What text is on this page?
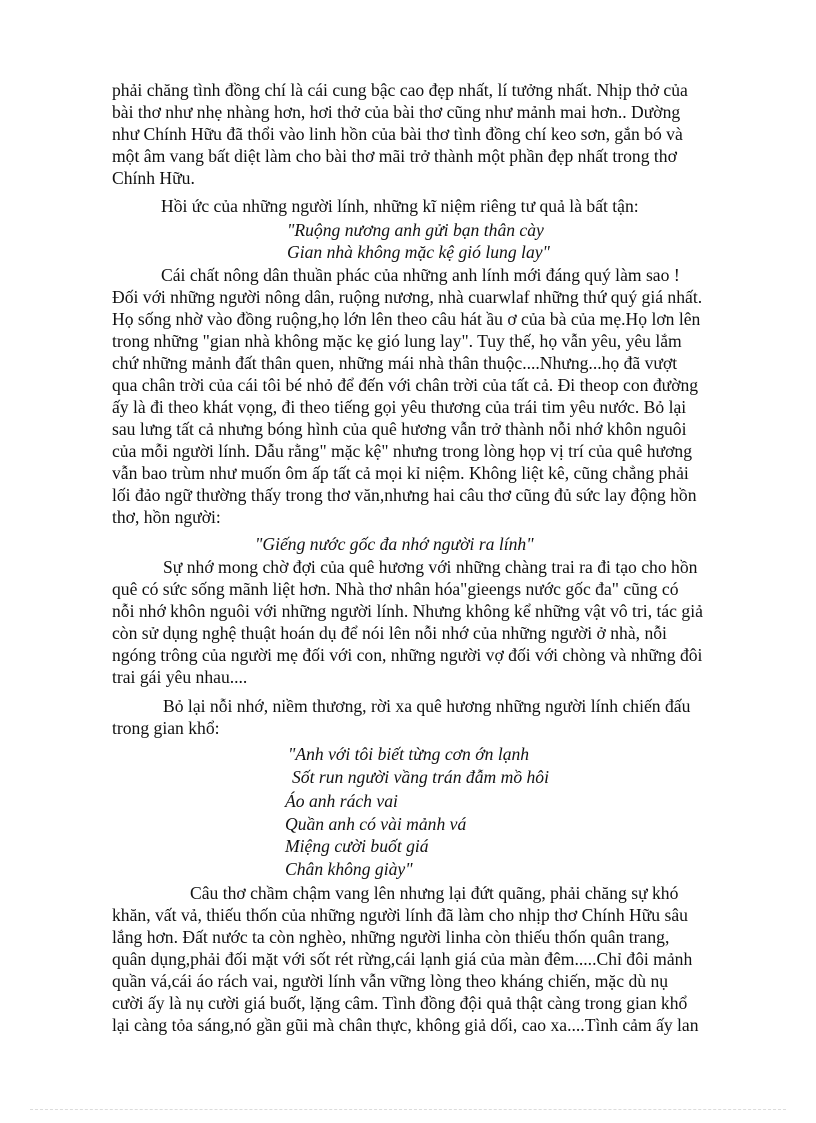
phải chăng tình đồng chí là cái cung bậc cao đẹp nhất, lí tưởng nhất. Nhịp thở của
bài thơ như nhẹ nhàng hơn, hơi thở của bài thơ cũng như mảnh mai hơn.. Dường
như Chính Hữu đã thổi vào linh hồn của bài thơ tình đồng chí keo sơn, gắn bó và
một âm vang bất diệt làm cho bài thơ mãi trở thành một phần đẹp nhất trong thơ
Chính Hữu.
Hồi ức của những người lính, những kĩ niệm riêng tư quả là bất tận:
"Ruộng nương anh gửi bạn thân cày
Gian nhà không mặc kệ gió lung lay"
Cái chất nông dân thuần phác của những anh lính mới đáng quý làm sao !
Đối với những người nông dân, ruộng nương, nhà cuarwlaf những thứ quý giá nhất.
Họ sống nhờ vào đồng ruộng,họ lớn lên theo câu hát ầu ơ của bà của mẹ.Họ lơn lên
trong những "gian nhà không mặc kẹ gió lung lay". Tuy thế, họ vẫn yêu, yêu lắm
chứ những mảnh đất thân quen, những mái nhà thân thuộc....Nhưng...họ đã vượt
qua chân trời của cái tôi bé nhỏ để đến với chân trời của tất cả. Đi theop con đường
ấy là đi theo khát vọng, đi theo tiếng gọi yêu thương của trái tim yêu nước. Bỏ lại
sau lưng tất cả nhưng bóng hình của quê hương vẫn trở thành nỗi nhớ khôn nguôi
của mỗi người lính. Dẫu rằng" mặc kệ" nhưng trong lòng họp vị trí của quê hương
vẫn bao trùm như muốn ôm ấp tất cả mọi kỉ niệm. Không liệt kê, cũng chẳng phải
lối đảo ngữ thường thấy trong thơ văn,nhưng hai câu thơ cũng đủ sức lay động hồn
thơ, hồn người:
"Giếng nước gốc đa nhớ người ra lính"
Sự nhớ mong chờ đợi của quê hương với những chàng trai ra đi tạo cho hồn
quê có sức sống mãnh liệt hơn. Nhà thơ nhân hóa"gieengs nước gốc đa" cũng có
nỗi nhớ khôn nguôi với những người lính. Nhưng không kể những vật vô tri, tác giả
còn sử dụng nghệ thuật hoán dụ để nói lên nỗi nhớ của những người ở nhà, nỗi
ngóng trông của người mẹ đối với con, những người vợ đối với chòng và những đôi
trai gái yêu nhau....
Bỏ lại nỗi nhớ, niềm thương, rời xa quê hương những người lính chiến đấu
trong gian khổ:
"Anh với tôi biết từng cơn ớn lạnh
Sốt run người vầng trán đẫm mồ hôi
Áo anh rách vai
Quần anh có vài mảnh vá
Miệng cười buốt giá
Chân không giày"
Câu thơ chầm chậm vang lên nhưng lại đứt quãng, phải chăng sự khó
khăn, vất vả, thiếu thốn của những người lính đã làm cho nhịp thơ Chính Hữu sâu
lắng hơn. Đất nước ta còn nghèo, những người linha còn thiếu thốn quân trang,
quân dụng,phải đối mặt với sốt rét rừng,cái lạnh giá của màn đêm.....Chỉ đôi mảnh
quần vá,cái áo rách vai, người lính vẫn vững lòng theo kháng chiến, mặc dù nụ
cười ấy là nụ cười giá buốt, lặng câm. Tình đồng đội quả thật càng trong gian khổ
lại càng tỏa sáng,nó gần gũi mà chân thực, không giả dối, cao xa....Tình cảm ấy lan
